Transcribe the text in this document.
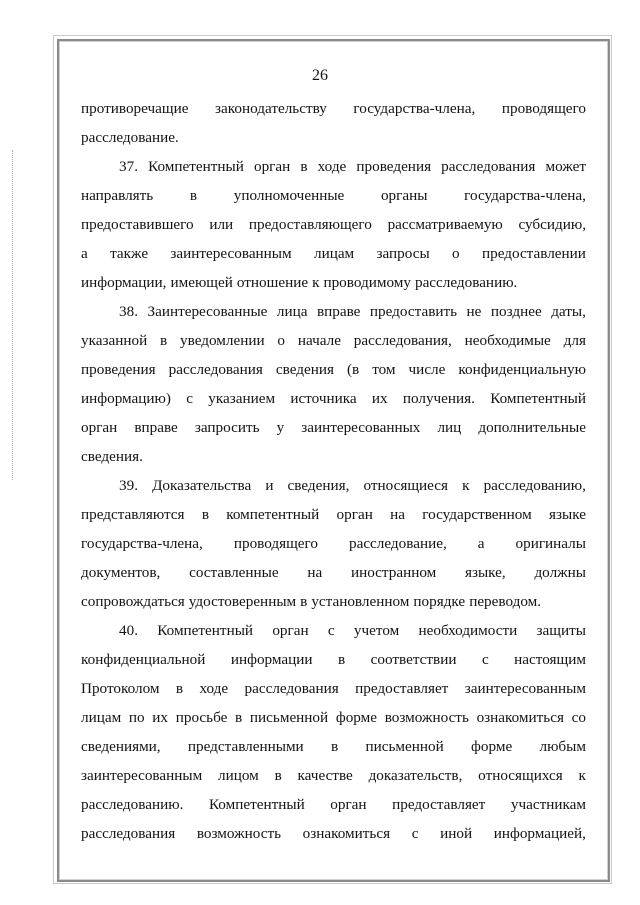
26
противоречащие законодательству государства-члена, проводящего
расследование.
37. Компетентный орган в ходе проведения расследования может
направлять в уполномоченные органы государства-члена,
предоставившего или предоставляющего рассматриваемую субсидию,
а также заинтересованным лицам запросы о предоставлении
информации, имеющей отношение к проводимому расследованию.
38. Заинтересованные лица вправе предоставить не позднее даты,
указанной в уведомлении о начале расследования, необходимые для
проведения расследования сведения (в том числе конфиденциальную
информацию) с указанием источника их получения. Компетентный
орган вправе запросить у заинтересованных лиц дополнительные
сведения.
39. Доказательства и сведения, относящиеся к расследованию,
представляются в компетентный орган на государственном языке
государства-члена, проводящего расследование, а оригиналы
документов, составленные на иностранном языке, должны
сопровождаться удостоверенным в установленном порядке переводом.
40. Компетентный орган с учетом необходимости защиты
конфиденциальной информации в соответствии с настоящим
Протоколом в ходе расследования предоставляет заинтересованным
лицам по их просьбе в письменной форме возможность ознакомиться со
сведениями, представленными в письменной форме любым
заинтересованным лицом в качестве доказательств, относящихся к
расследованию. Компетентный орган предоставляет участникам
расследования возможность ознакомиться с иной информацией,
